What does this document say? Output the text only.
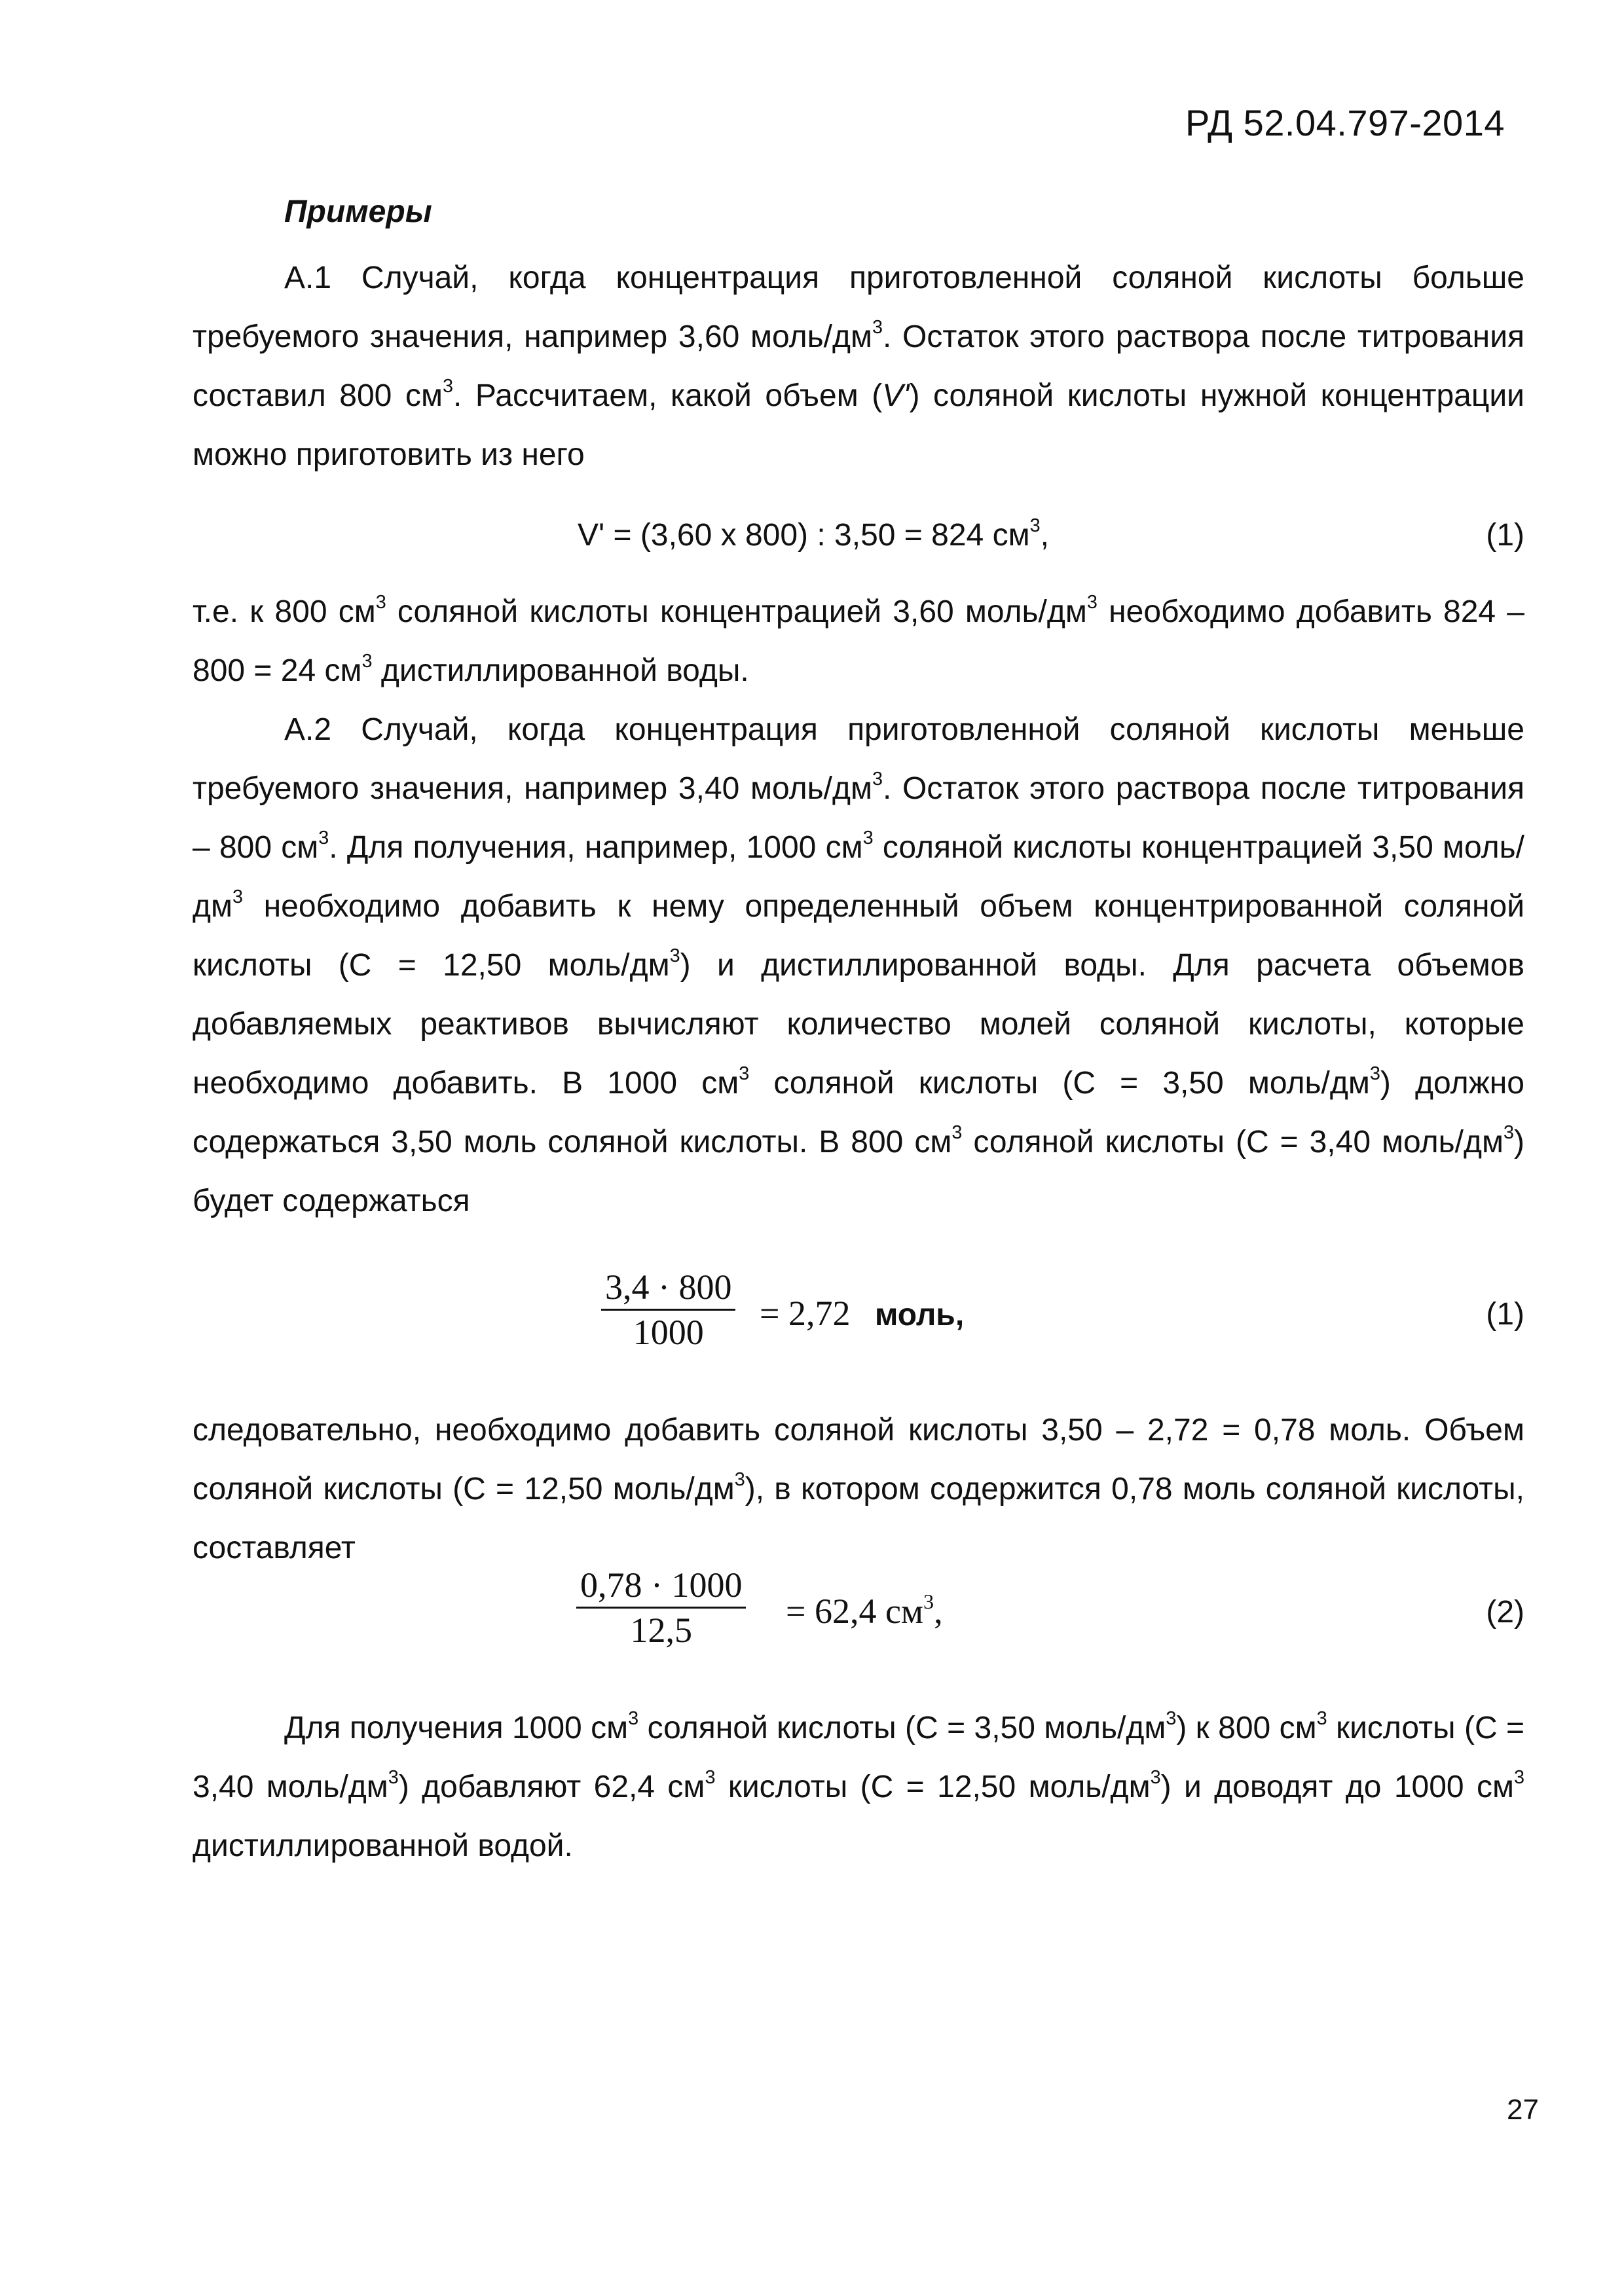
РД 52.04.797-2014
Примеры
А.1 Случай, когда концентрация приготовленной соляной кислоты больше требуемого значения, например 3,60 моль/$дм^3$. Остаток этого раствора после титрования составил 800 $см^3$. Рассчитаем, какой объем (V') соляной кислоты нужной концентрации можно приготовить из него
V' = (3,60 х 800) : 3,50 = 824 $см^3$,	(1)
т.е. к 800 $см^3$ соляной кислоты концентрацией 3,60 моль/$дм^3$ необходимо добавить 824 – 800 = 24 $см^3$ дистиллированной воды.
А.2 Случай, когда концентрация приготовленной соляной кислоты меньше требуемого значения, например 3,40 моль/$дм^3$. Остаток этого раствора после титрования – 800 $см^3$. Для получения, например, 1000 $см^3$ соляной кислоты концентрацией 3,50 моль/$дм^3$ необходимо добавить к нему определенный объем концентрированной соляной кислоты (С = 12,50 моль/$дм^3$) и дистиллированной воды. Для расчета объемов добавляемых реактивов вычисляют количество молей соляной кислоты, которые необходимо добавить. В 1000 $см^3$ соляной кислоты (С = 3,50 моль/$дм^3$) должно содержаться 3,50 моль соляной кислоты. В 800 $см^3$ соляной кислоты (С = 3,40 моль/$дм^3$) будет содержаться
3,4 · 800
1000	= 2,72 моль,	(1)
следовательно, необходимо добавить соляной кислоты 3,50 – 2,72 = 0,78 моль. Объем соляной кислоты (С = 12,50 моль/$дм^3$), в котором содержится 0,78 моль соляной кислоты, составляет
0,78 · 1000
12,5	= 62,4 $см^3$,	(2)
Для получения 1000 $см^3$ соляной кислоты (С = 3,50 моль/$дм^3$) к 800 $см^3$ кислоты (С = 3,40 моль/$дм^3$) добавляют 62,4 $см^3$ кислоты (С = 12,50 моль/$дм^3$) и доводят до 1000 $см^3$ дистиллированной водой.
27
